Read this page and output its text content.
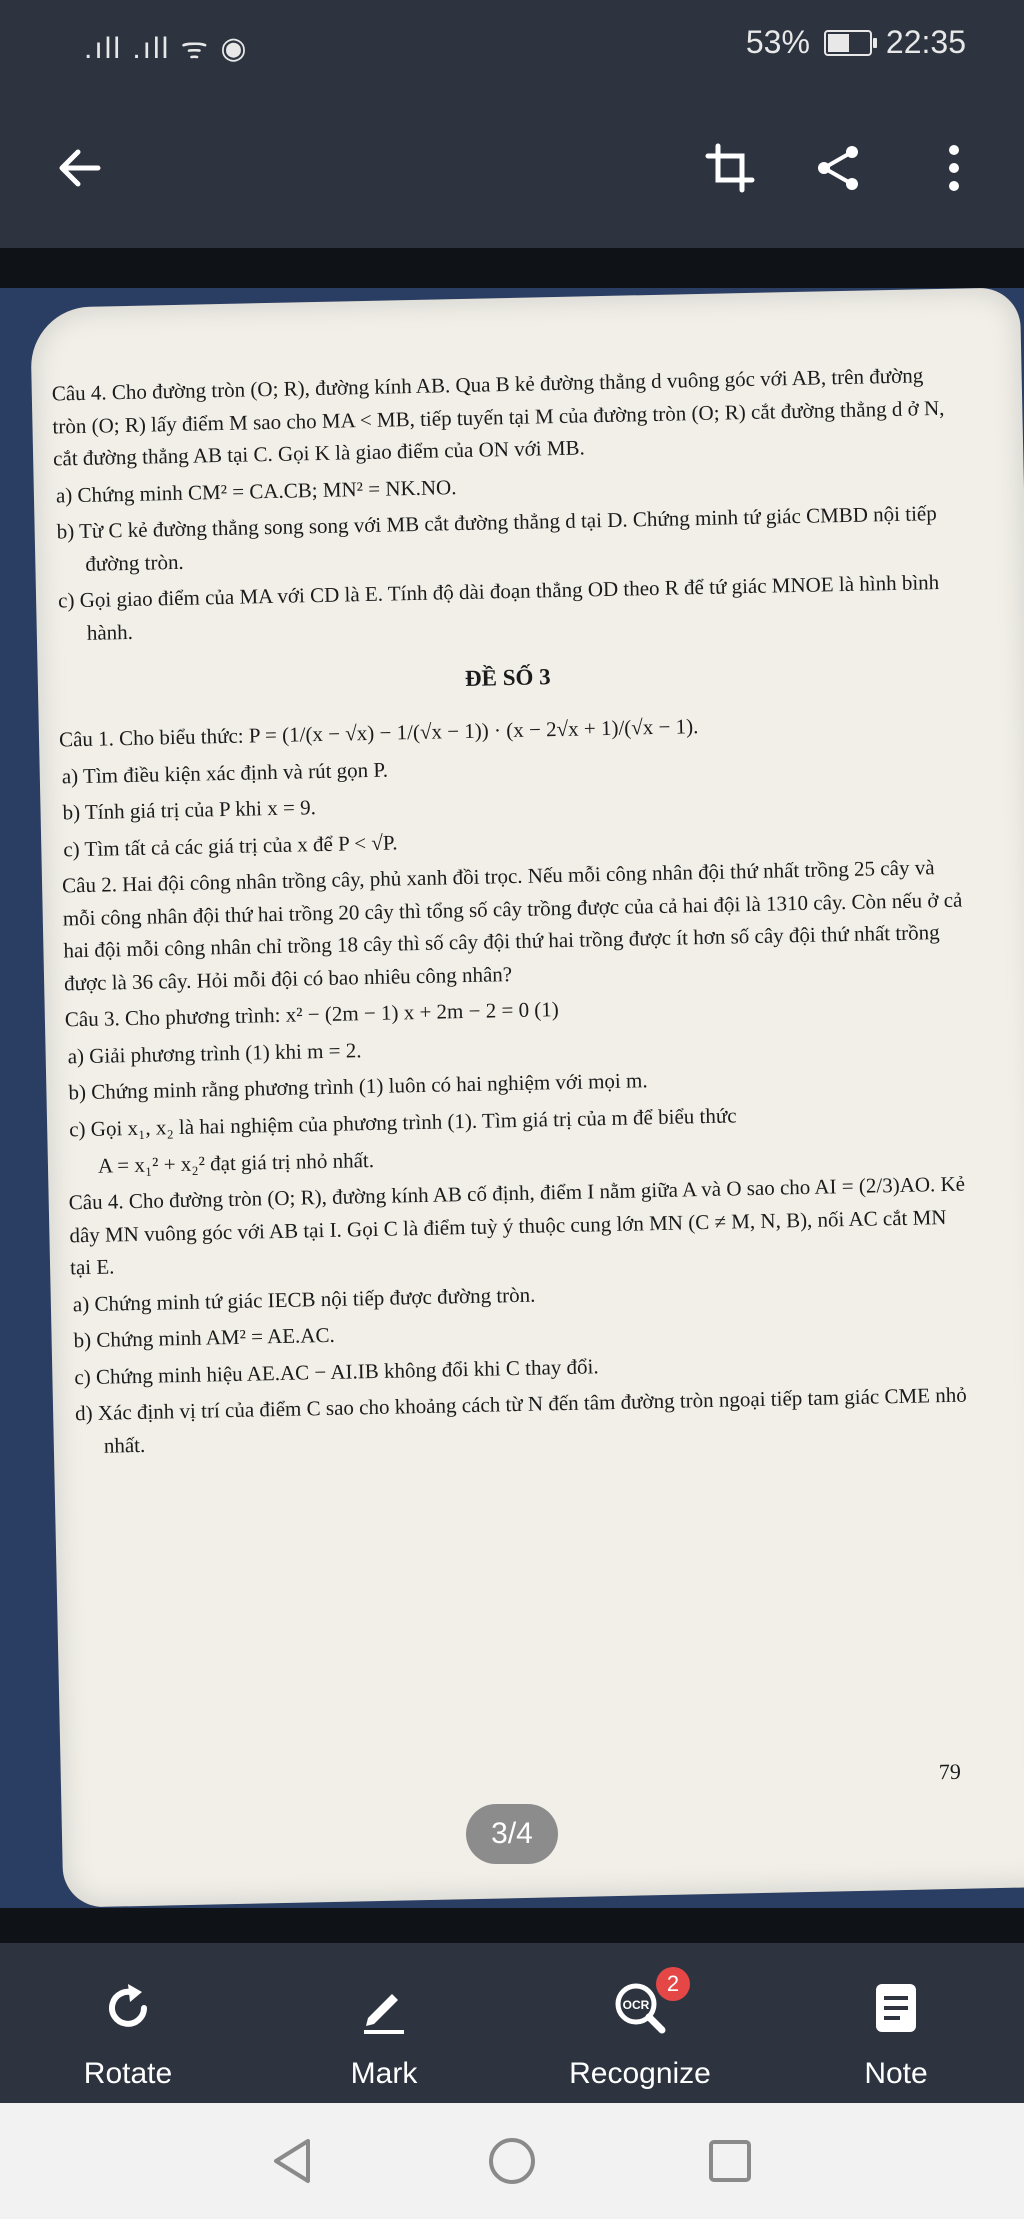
.ıll .ıll ᯤ ◉	53% 22:35

Câu 4. Cho đường tròn (O; R), đường kính AB. Qua B kẻ đường thẳng d vuông góc với AB, trên đường tròn (O; R) lấy điểm M sao cho MA < MB, tiếp tuyến tại M của đường tròn (O; R) cắt đường thẳng d ở N, cắt đường thẳng AB tại C. Gọi K là giao điểm của ON với MB.

a) Chứng minh CM² = CA.CB; MN² = NK.NO.

b) Từ C kẻ đường thẳng song song với MB cắt đường thẳng d tại D. Chứng minh tứ giác CMBD nội tiếp đường tròn.

c) Gọi giao điểm của MA với CD là E. Tính độ dài đoạn thẳng OD theo R để tứ giác MNOE là hình bình hành.

ĐỀ SỐ 3

Câu 1. Cho biểu thức: P = (1/(x − √x) − 1/(√x − 1)) · (x − 2√x + 1)/(√x − 1).

a) Tìm điều kiện xác định và rút gọn P.

b) Tính giá trị của P khi x = 9.

c) Tìm tất cả các giá trị của x để P < √P.

Câu 2. Hai đội công nhân trồng cây, phủ xanh đồi trọc. Nếu mỗi công nhân đội thứ nhất trồng 25 cây và mỗi công nhân đội thứ hai trồng 20 cây thì tổng số cây trồng được của cả hai đội là 1310 cây. Còn nếu ở cả hai đội mỗi công nhân chỉ trồng 18 cây thì số cây đội thứ hai trồng được ít hơn số cây đội thứ nhất trồng được là 36 cây. Hỏi mỗi đội có bao nhiêu công nhân?

Câu 3. Cho phương trình: x² − (2m − 1) x + 2m − 2 = 0 (1)

a) Giải phương trình (1) khi m = 2.

b) Chứng minh rằng phương trình (1) luôn có hai nghiệm với mọi m.

c) Gọi x₁, x₂ là hai nghiệm của phương trình (1). Tìm giá trị của m để biểu thức

A = x₁² + x₂² đạt giá trị nhỏ nhất.

Câu 4. Cho đường tròn (O; R), đường kính AB cố định, điểm I nằm giữa A và O sao cho AI = (2/3)AO. Kẻ dây MN vuông góc với AB tại I. Gọi C là điểm tuỳ ý thuộc cung lớn MN (C ≠ M, N, B), nối AC cắt MN tại E.

a) Chứng minh tứ giác IECB nội tiếp được đường tròn.

b) Chứng minh AM² = AE.AC.

c) Chứng minh hiệu AE.AC − AI.IB không đổi khi C thay đổi.

d) Xác định vị trí của điểm C sao cho khoảng cách từ N đến tâm đường tròn ngoại tiếp tam giác CME nhỏ nhất.

79
3/4
Rotate	Mark
OCR
2
Recognize	Note
